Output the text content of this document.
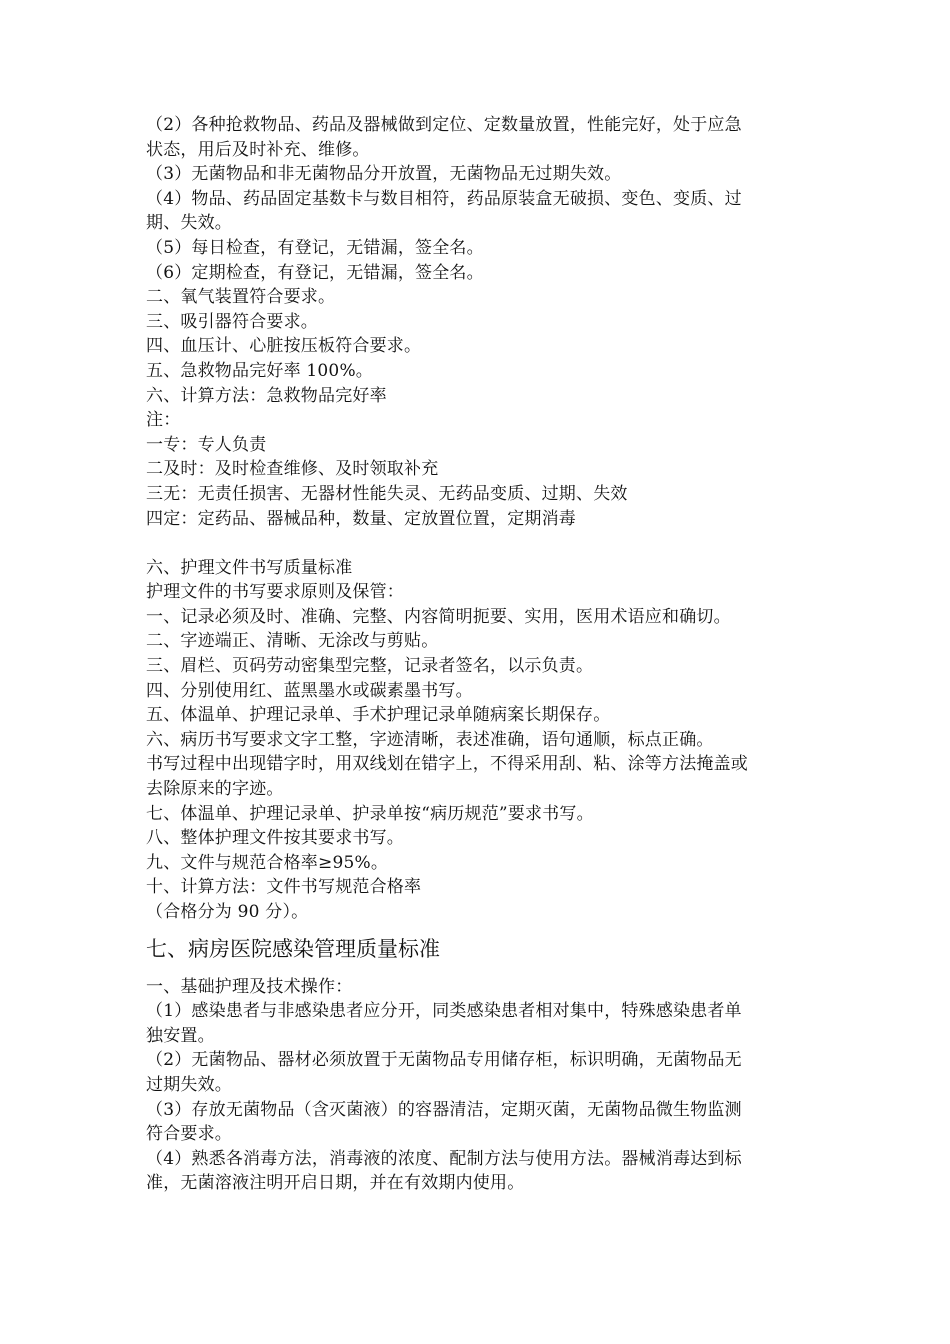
（2）各种抢救物品、药品及器械做到定位、定数量放置，性能完好，处于应急
状态，用后及时补充、维修。
（3）无菌物品和非无菌物品分开放置，无菌物品无过期失效。
（4）物品、药品固定基数卡与数目相符，药品原装盒无破损、变色、变质、过
期、失效。
（5）每日检查，有登记，无错漏，签全名。
（6）定期检查，有登记，无错漏，签全名。
二、氧气装置符合要求。
三、吸引器符合要求。
四、血压计、心脏按压板符合要求。
五、急救物品完好率 100%。
六、计算方法：急救物品完好率
注：
一专：专人负责
二及时：及时检查维修、及时领取补充
三无：无责任损害、无器材性能失灵、无药品变质、过期、失效
四定：定药品、器械品种，数量、定放置位置，定期消毒
六、护理文件书写质量标准
护理文件的书写要求原则及保管：
一、记录必须及时、准确、完整、内容简明扼要、实用，医用术语应和确切。
二、字迹端正、清晰、无涂改与剪贴。
三、眉栏、页码劳动密集型完整，记录者签名，以示负责。
四、分别使用红、蓝黑墨水或碳素墨书写。
五、体温单、护理记录单、手术护理记录单随病案长期保存。
六、病历书写要求文字工整，字迹清晰，表述准确，语句通顺，标点正确。
书写过程中出现错字时，用双线划在错字上，不得采用刮、粘、涂等方法掩盖或
去除原来的字迹。
七、体温单、护理记录单、护录单按“病历规范”要求书写。
八、整体护理文件按其要求书写。
九、文件与规范合格率≥95%。
十、计算方法：文件书写规范合格率
（合格分为 90 分）。
七、病房医院感染管理质量标准
一、基础护理及技术操作：
（1）感染患者与非感染患者应分开，同类感染患者相对集中，特殊感染患者单
独安置。
（2）无菌物品、器材必须放置于无菌物品专用储存柜，标识明确，无菌物品无
过期失效。
（3）存放无菌物品（含灭菌液）的容器清洁，定期灭菌，无菌物品微生物监测
符合要求。
（4）熟悉各消毒方法，消毒液的浓度、配制方法与使用方法。器械消毒达到标
准，无菌溶液注明开启日期，并在有效期内使用。
